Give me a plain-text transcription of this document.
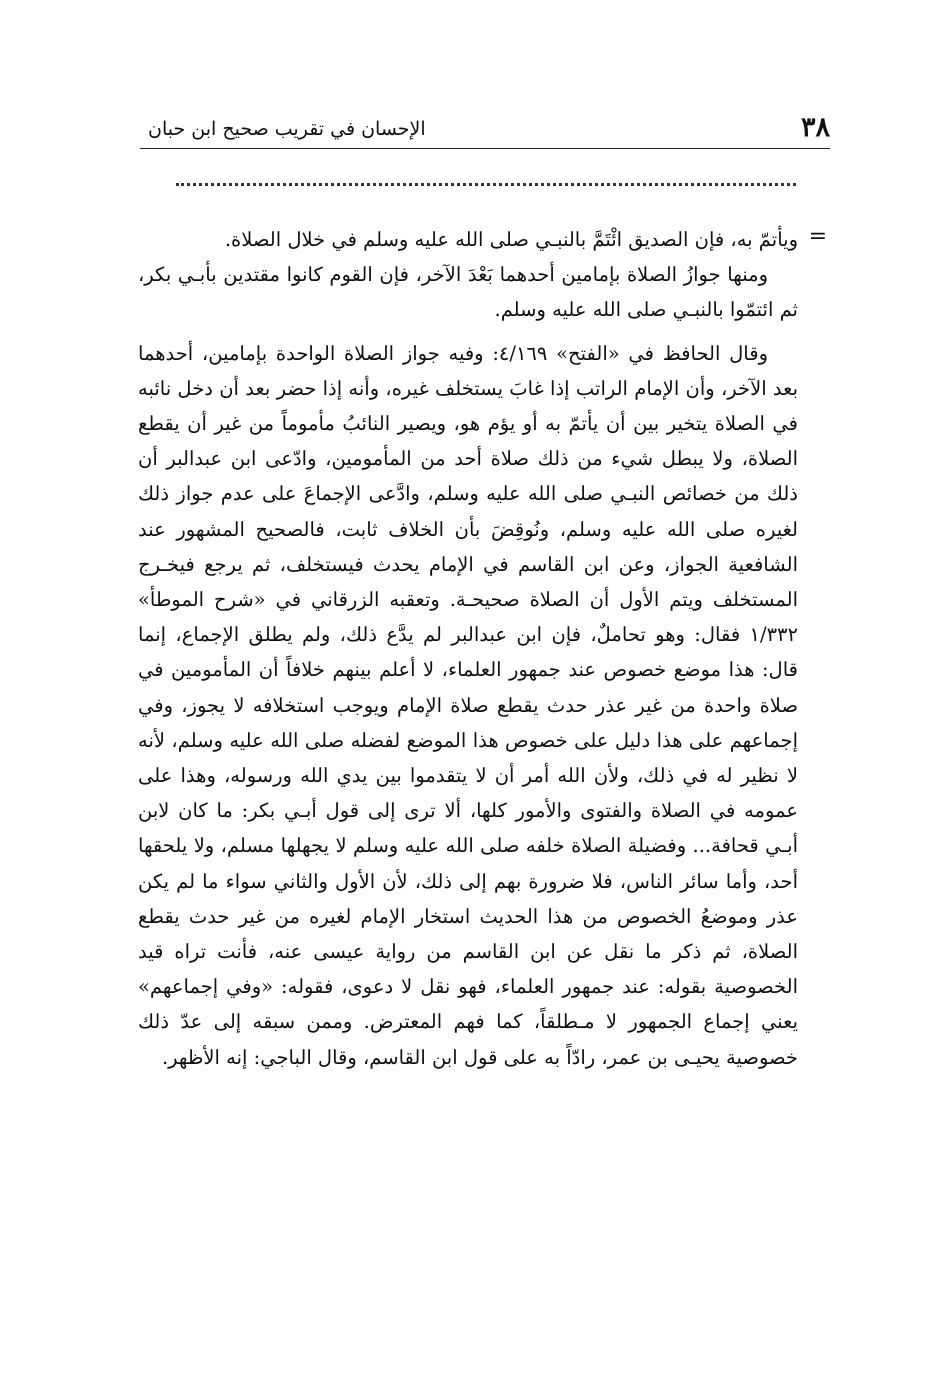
٣٨
الإحسان في تقريب صحيح ابن حبان
=

ويأتمّ به، فإن الصديق ائْتَمَّ بالنبـي صلى الله عليه وسلم في خلال الصلاة.

ومنها جوازُ الصلاة بإمامين أحدهما بَعْدَ الآخر، فإن القوم كانوا مقتدين بأبـي بكر، ثم ائتمّوا بالنبـي صلى الله عليه وسلم.

وقال الحافظ في «الفتح» ٤/١٦٩: وفيه جواز الصلاة الواحدة بإمامين، أحدهما بعد الآخر، وأن الإمام الراتب إذا غابَ يستخلف غيره، وأنه إذا حضر بعد أن دخل نائبه في الصلاة يتخير بين أن يأتمّ به أو يؤم هو، ويصير النائبُ مأموماً من غير أن يقطع الصلاة، ولا يبطل شيء من ذلك صلاة أحد من المأمومين، وادّعى ابن عبدالبر أن ذلك من خصائص النبـي صلى الله عليه وسلم، وادَّعى الإجماعَ على عدم جواز ذلك لغيره صلى الله عليه وسلم، ونُوقِضَ بأن الخلاف ثابت، فالصحيح المشهور عند الشافعية الجواز، وعن ابن القاسم في الإمام يحدث فيستخلف، ثم يرجع فيخـرج المستخلف ويتم الأول أن الصلاة صحيحـة. وتعقبه الزرقاني في «شرح الموطأ» ١/٣٣٢ فقال: وهو تحاملٌ، فإن ابن عبدالبر لم يدَّع ذلك، ولم يطلق الإجماع، إنما قال: هذا موضع خصوص عند جمهور العلماء، لا أعلم بينهم خلافاً أن المأمومين في صلاة واحدة من غير عذر حدث يقطع صلاة الإمام ويوجب استخلافه لا يجوز، وفي إجماعهم على هذا دليل على خصوص هذا الموضع لفضله صلى الله عليه وسلم، لأنه لا نظير له في ذلك، ولأن الله أمر أن لا يتقدموا بين يدي الله ورسوله، وهذا على عمومه في الصلاة والفتوى والأمور كلها، ألا ترى إلى قول أبـي بكر: ما كان لابن أبـي قحافة... وفضيلة الصلاة خلفه صلى الله عليه وسلم لا يجهلها مسلم، ولا يلحقها أحد، وأما سائر الناس، فلا ضرورة بهم إلى ذلك، لأن الأول والثاني سواء ما لم يكن عذر وموضعُ الخصوص من هذا الحديث استخار الإمام لغيره من غير حدث يقطع الصلاة، ثم ذكر ما نقل عن ابن القاسم من رواية عيسى عنه، فأنت تراه قيد الخصوصية بقوله: عند جمهور العلماء، فهو نقل لا دعوى، فقوله: «وفي إجماعهم» يعني إجماع الجمهور لا مـطلقاً، كما فهم المعترض. وممن سبقه إلى عدّ ذلك خصوصية يحيـى بن عمر، رادّاً به على قول ابن القاسم، وقال الباجي: إنه الأظهر.
